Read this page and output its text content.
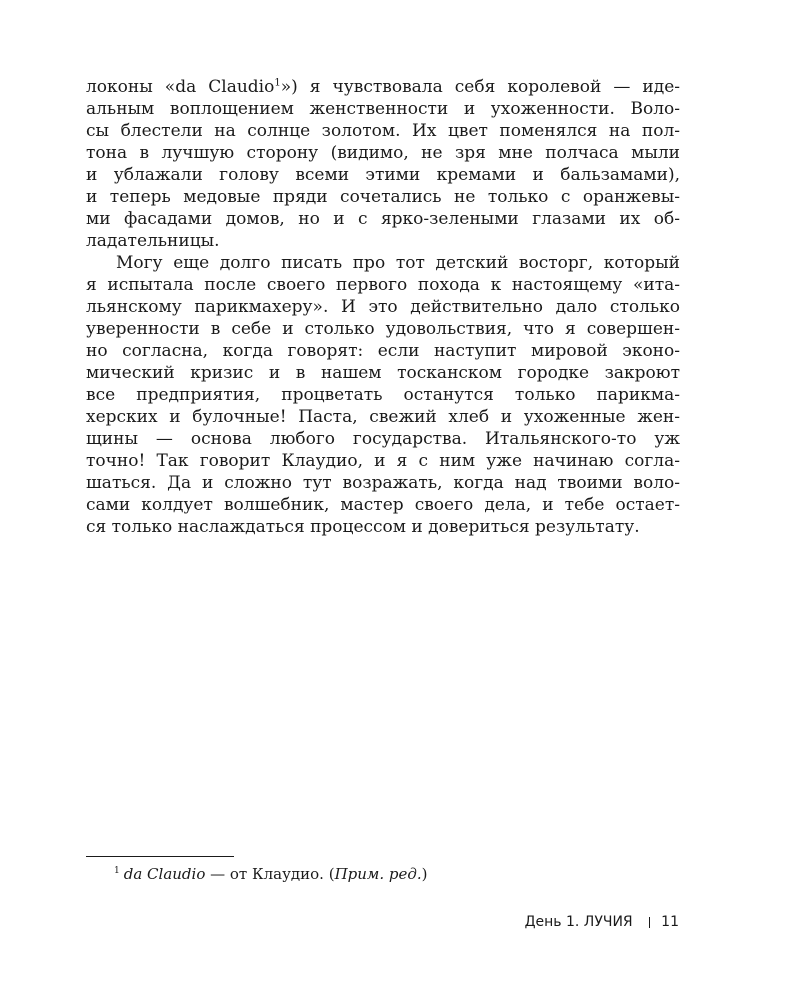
локоны «da Claudio$^1$») я чувствовала себя королевой — иде-
альным воплощением женственности и ухоженности. Воло-
сы блестели на солнце золотом. Их цвет поменялся на пол-
тона в лучшую сторону (видимо, не зря мне полчаса мыли
и ублажали голову всеми этими кремами и бальзамами),
и теперь медовые пряди сочетались не только с оранжевы-
ми фасадами домов, но и с ярко-зелеными глазами их об-
ладательницы.
Могу еще долго писать про тот детский восторг, который
я испытала после своего первого похода к настоящему «ита-
льянскому парикмахеру». И это действительно дало столько
уверенности в себе и столько удовольствия, что я совершен-
но согласна, когда говорят: если наступит мировой эконо-
мический кризис и в нашем тосканском городке закроют
все предприятия, процветать останутся только парикма-
херских и булочные! Паста, свежий хлеб и ухоженные жен-
щины — основа любого государства. Итальянского-то уж
точно! Так говорит Клаудио, и я с ним уже начинаю согла-
шаться. Да и сложно тут возражать, когда над твоими воло-
сами колдует волшебник, мастер своего дела, и тебе остает-
ся только наслаждаться процессом и довериться результату.
$^1$ da Claudio — от Клаудио. (Прим. ред.)
День 1. ЛУЧИЯ 11
